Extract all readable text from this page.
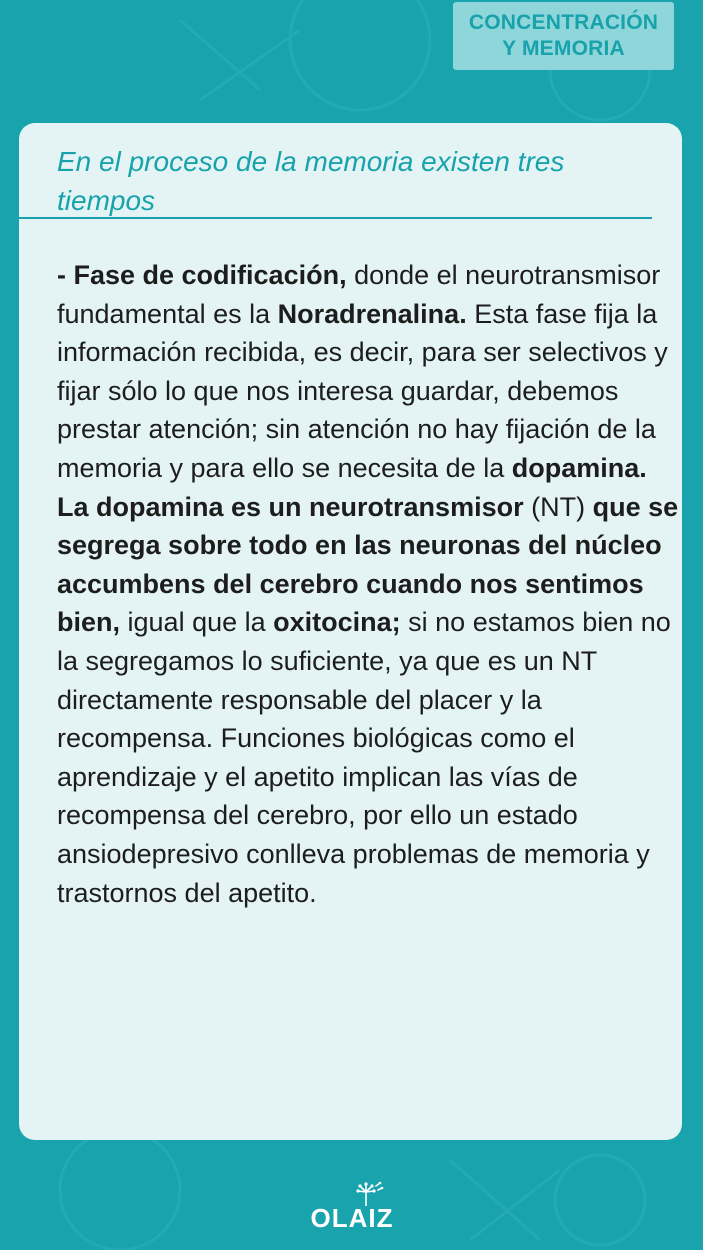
CONCENTRACIÓN
Y MEMORIA
En el proceso de la memoria existen tres tiempos

- Fase de codificación, donde el neurotransmisor fundamental es la Noradrenalina. Esta fase fija la información recibida, es decir, para ser selectivos y fijar sólo lo que nos interesa guardar, debemos prestar atención; sin atención no hay fijación de la memoria y para ello se necesita de la dopamina.
La dopamina es un neurotransmisor (NT) que se segrega sobre todo en las neuronas del núcleo accumbens del cerebro cuando nos sentimos bien, igual que la oxitocina; si no estamos bien no la segregamos lo suficiente, ya que es un NT directamente responsable del placer y la recompensa. Funciones biológicas como el aprendizaje y el apetito implican las vías de recompensa del cerebro, por ello un estado ansiodepresivo conlleva problemas de memoria y trastornos del apetito.

OLAIZ
